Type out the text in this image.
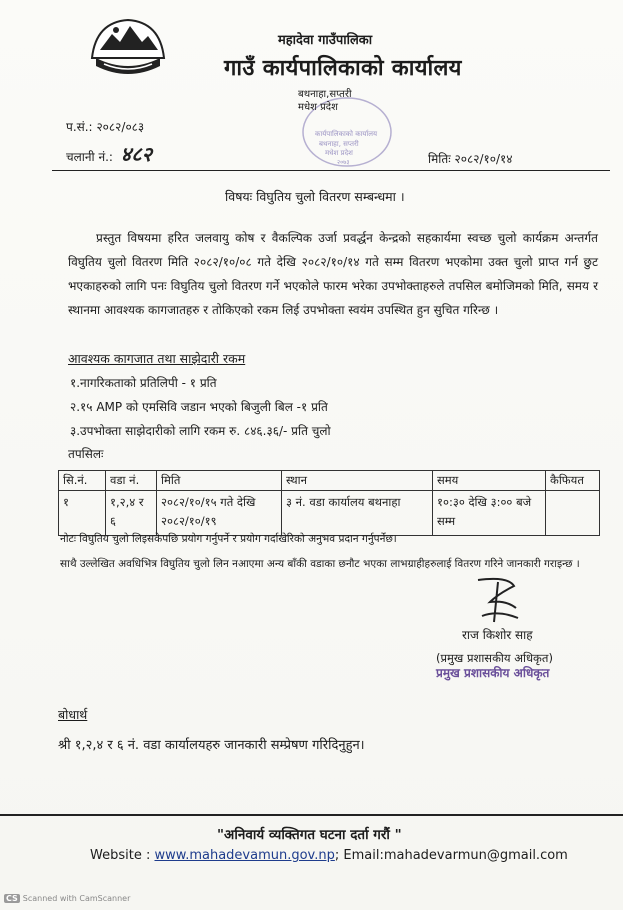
महादेवा गाउँपालिका
गाउँ कार्यपालिकाको कार्यालय
कार्यपालिकाको कार्यालय
बथनाहा, सप्तरी
मधेश प्रदेश
२०७३
बथनाहा,सप्तरी
मधेश प्रदेश
प.सं.: २०८२/०८३
चलानी नं.: ४८२	मितिः २०८२/१०/१४
विषयः विघुतिय चुलो वितरण सम्बन्धमा ।
प्रस्तुत विषयमा हरित जलवायु कोष र वैकल्पिक उर्जा प्रवर्द्धन केन्द्रको सहकार्यमा स्वच्छ चुलो कार्यक्रम अन्तर्गत विघुतिय चुलो वितरण मिति २०८२/१०/०८ गते देखि २०८२/१०/१४ गते सम्म वितरण भएकोमा उक्त चुलो प्राप्त गर्न छुट भएकाहरुको लागि पनः विघुतिय चुलो वितरण गर्ने भएकोले फारम भरेका उपभोक्ताहरुले तपसिल बमोजिमको मिति, समय र स्थानमा आवश्यक कागजातहरु र तोकिएको रकम लिई उपभोक्ता स्वयंम उपस्थित हुन सुचित गरिन्छ ।
आवश्यक कागजात तथा साझेदारी रकम
१.नागरिकताको प्रतिलिपी - १ प्रति
२.१५ AMP को एमसिवि जडान भएको बिजुली बिल -१ प्रति
३.उपभोक्ता साझेदारीको लागि रकम रु. ८४६.३६/- प्रति चुलो
तपसिलः
सि.नं.	वडा नं.	मिति	स्थान	समय	कैफियत
१	१,२,४ र ६	२०८२/१०/१५ गते देखि २०८२/१०/१९	३ नं. वडा कार्यालय बथनाहा	१०:३० देखि ३:०० बजे सम्म	
नोटः विघुतिय चुलो लिइसकेपछि प्रयोग गर्नुपर्ने र प्रयोग गर्दाखेरिको अनुभव प्रदान गर्नुपर्नेछ।
साथै उल्लेखित अवधिभित्र विघुतिय चुलो लिन नआएमा अन्य बाँकी वडाका छनौट भएका लाभग्राहीहरुलाई वितरण गरिने जानकारी गराइन्छ ।
राज किशोर साह
(प्रमुख प्रशासकीय अधिकृत)
प्रमुख प्रशासकीय अधिकृत
बोधार्थ
श्री १,२,४ र ६ नं. वडा कार्यालयहरु जानकारी सम्प्रेषण गरिदिनुहुन।
"अनिवार्य व्यक्तिगत घटना दर्ता गरौं "
Website : www.mahadevamun.gov.np; Email:mahadevarmun@gmail.com
CS Scanned with CamScanner
